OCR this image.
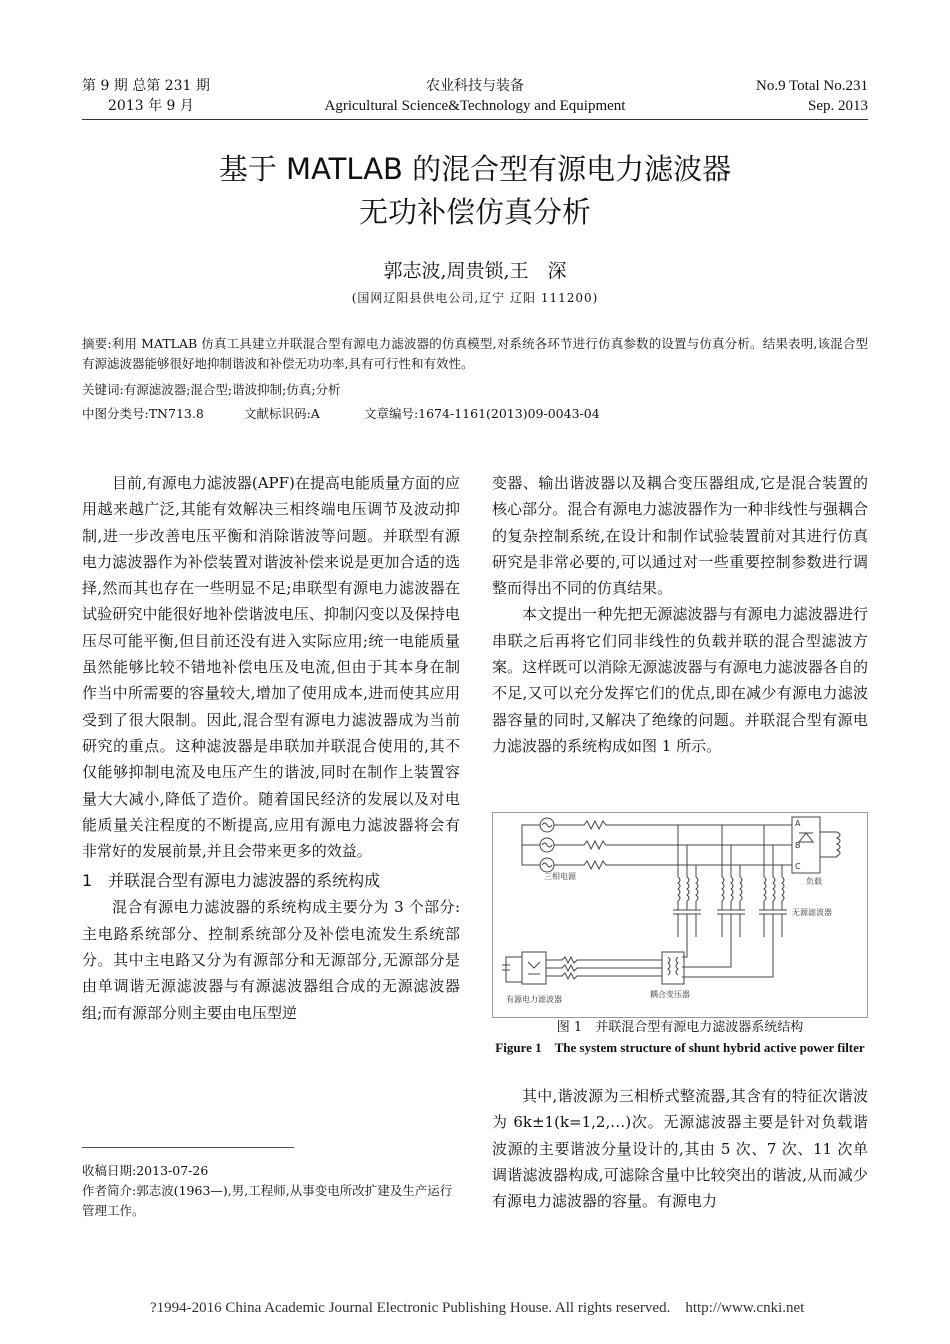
第 9 期 总第 231 期
2013 年 9 月
农业科技与装备
Agricultural Science&Technology and Equipment
No.9 Total No.231
Sep. 2013
基于 MATLAB 的混合型有源电力滤波器
无功补偿仿真分析
郭志波,周贵锁,王　深
(国网辽阳县供电公司,辽宁 辽阳 111200)
摘要:利用 MATLAB 仿真工具建立并联混合型有源电力滤波器的仿真模型,对系统各环节进行仿真参数的设置与仿真分析。结果表明,该混合型有源滤波器能够很好地抑制谐波和补偿无功功率,具有可行性和有效性。
关键词:有源滤波器;混合型;谐波抑制;仿真;分析
中图分类号:TN713.8	文献标识码:A	文章编号:1674-1161(2013)09-0043-04

目前,有源电力滤波器(APF)在提高电能质量方面的应用越来越广泛,其能有效解决三相终端电压调节及波动抑制,进一步改善电压平衡和消除谐波等问题。并联型有源电力滤波器作为补偿装置对谐波补偿来说是更加合适的选择,然而其也存在一些明显不足;串联型有源电力滤波器在试验研究中能很好地补偿谐波电压、抑制闪变以及保持电压尽可能平衡,但目前还没有进入实际应用;统一电能质量虽然能够比较不错地补偿电压及电流,但由于其本身在制作当中所需要的容量较大,增加了使用成本,进而使其应用受到了很大限制。因此,混合型有源电力滤波器成为当前研究的重点。这种滤波器是串联加并联混合使用的,其不仅能够抑制电流及电压产生的谐波,同时在制作上装置容量大大减小,降低了造价。随着国民经济的发展以及对电能质量关注程度的不断提高,应用有源电力滤波器将会有非常好的发展前景,并且会带来更多的效益。

1　并联混合型有源电力滤波器的系统构成

混合有源电力滤波器的系统构成主要分为 3 个部分:主电路系统部分、控制系统部分及补偿电流发生系统部分。其中主电路又分为有源部分和无源部分,无源部分是由单调谐无源滤波器与有源滤波器组合成的无源滤波器组;而有源部分则主要由电压型逆

变器、输出谐波器以及耦合变压器组成,它是混合装置的核心部分。混合有源电力滤波器作为一种非线性与强耦合的复杂控制系统,在设计和制作试验装置前对其进行仿真研究是非常必要的,可以通过对一些重要控制参数进行调整而得出不同的仿真结果。

本文提出一种先把无源滤波器与有源电力滤波器进行串联之后再将它们同非线性的负载并联的混合型滤波方案。这样既可以消除无源滤波器与有源电力滤波器各自的不足,又可以充分发挥它们的优点,即在减少有源电力滤波器容量的同时,又解决了绝缘的问题。并联混合型有源电力滤波器的系统构成如图 1 所示。

三相电源
负载
无源滤波器
有源电力滤波器
耦合变压器
A
B
C
图 1　并联混合型有源电力滤波器系统结构
Figure 1　The system structure of shunt hybrid active power filter

其中,谐波源为三相桥式整流器,其含有的特征次谐波为 6k±1(k=1,2,…)次。无源滤波器主要是针对负载谐波源的主要谐波分量设计的,其由 5 次、7 次、11 次单调谐滤波器构成,可滤除含量中比较突出的谐波,从而减少有源电力滤波器的容量。有源电力

收稿日期:2013-07-26
作者简介:郭志波(1963—),男,工程师,从事变电所改扩建及生产运行管理工作。
?1994-2016 China Academic Journal Electronic Publishing House. All rights reserved.　http://www.cnki.net
